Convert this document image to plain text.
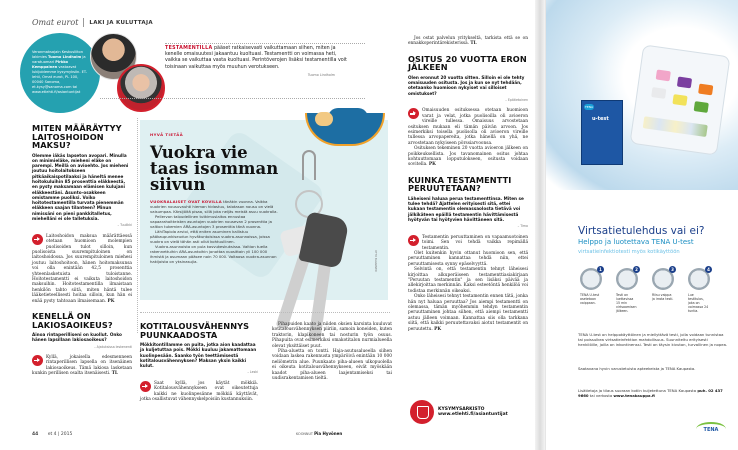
Omat eurot LAKI JA KULUTTAJA
Veronmaksajain Keskusliiton lakimies Tuomo Lindholm ja varatuomari Pirkko Kemppainen vastaavat lukijoidemme kysymyksiin. ET-lehti, Omat eurot, PL 100, 00040 Sanoma, et.kysy@sanoma.com tai www.etlehti.fi/asiantuntijat
TESTAMENTILLA pääset ratkaisevasti vaikuttamaan siihen, miten ja kenelle omaisuutesi jakaantuu kuoltuasi. Testamentti on voimassa heti, vaikka se vaikuttaa vasta kuoltuasi. Perintöverojen lisäksi testamentilla voit toisinaan vaikuttaa myös muuhun verotukseen.
Tuomo Lindholm
MITEN MÄÄRÄYTYY LAITOSHOIDON MAKSU?
Olemme iäkäs lapseton avopari. Minulla on minimieläke, mieheni eläke on parempi. Meillä on avioehto. Jos mieheni joutuu hoitolaitokseen pitkäaikaispotilaaksi ja häneltä menee hoitokuluihin 85 prosenttia eläkkeestä, en pysty maksamaan elämisen kulujani eläkkeestäni. Asunto-osakkeen omistamme puoliksi. Voiko hoitotestamentilla turvata pienemmän eläkkeen saajan tilanteen? Minun nimissäni on pieni pankkitalletus, miehelläni ei ole talletuksia.
– Tuulikki
Laitoshoidon maksua määrättäessä otetaan huomioon molempien puolisoiden tulot silloin, kun puolisoista suurempituloinen on laitoshoidossa. Jos suurempituloinen miehesi joutuu laitoshoitoon, hänen hoitomaksunsa voi olla enintään 42,5 prosenttia yhteenlasketuista tuloistanne. Hoitotestamentti ei vaikuta laitoshoidon maksuihin. Hoitotestamentilla ilmaistaan henkilön tahto siitä, miten häntä tulee lääketieteellisesti hoitaa silloin, kun hän ei enää pysty tahtoaan ilmaisemaan. PK
KENELLÄ ON LAKIOSAOIKEUS?
Ainoa rintaperilliseni on kuollut. Onko hänen lapsillaan lakiosaoikeus?
– Ajatuksissa leskenenti
Kyllä, jokaisella edesmenneen rintaperillisen lapsella on itsenäinen lakiosaoikeus. Tämä lakiosa lasketaan kunkin perillisen osalta itsenäisesti. TL
HYVÄ TIETÄÄ
Vuokra vie taas isomman siivun
VUOKRALAISET OVAT KOVILLA tänäkin vuonna. Vaikka vuokrien nousuvauhti hieman hidastuu, talotason nousu on vielä vaisumpaa. Kärsijöitä pisaa, sillä joka neljäs meistä asuu vuokralla.

Pellervon taloudellinen tutkimuslaitos ennustaa vapaarahoitteisten asuntojen vuokrien nousevan 2 prosenttia ja valtion tukemien ARA-asuntojen 3 prosenttia tänä vuonna.

LähiTapiola arvioi, että eniten asuminen kallistuu pääkaupunkiseudun hyväkuntoisissa vuokra-asunnoissa, joissa vuokra on vielä tähän asti ollut kohtuullinen.

Vuokra-asunnoista on pula kasvukeskuksissa. Valtion tuella rakennettuihin ARA-asuntoihin jonottaa vuosittain yli 100 000 ihmistä ja asumaan pääsee noin 70 000. Valtaosa vuokra-asunnon hakijoista on yksinasujia.	OTTO PAANANEN
KOTITALOUSVÄHENNYS PUUNKAADOSTA
Mökkitontillamme on puita, jotka aion kaadattaa ja kuljetuttaa pois. Mökki kuuluu jakamattomaan kuolinpesään. Saanko työn teettämisestä kotitalousvähennyksen? Maksan yksin kaikki kulut.
– Leski
Saat kyllä, jos käytät mökkiä. Kotitalousvähennykseen ovat oikeutettuja kaikki ne kuolinpesänne mökkiä käyttävät, jotka osallistuvat vähennyskelpoisiin kustannuksiin.

Pihapuiden kaato ja niiden oksien karsinta kuuluvat kotitalousvähennyksen piiriin, samoin koneiden, kuten traktorin, klapikoneen tai nosturin työn osuus. Pihapuita ovat esimerkiksi omakotitalon nurmialueella olevat yksittäiset puut.

Piha-aluetta on tontti. Haja-asutusalueella siihen voidaan laskea rakennusta ympäröivä enintään 10 000 neliömetrin alue. Puunkaato piha-alueen ulkopuolella ei oikeuta kotitalousvähennykseen, eivät myöskään kaadot piha-alueen laajentamiseksi tai uudisrakentamisen tieltä.

KOONNUT Pia Hyvönen

Jos ostat palvelun yritykseltä, tarkista että se on ennakkoperintärekisterissä. TL

OSITUS 20 VUOTTA ERON JÄLKEEN
Olen eronnut 20 vuotta sitten. Silloin ei ole tehty omaisuuden ositusta. Jos ja kun se nyt tehdään, otetaanko huomioon nykyiset vai silloiset omistukset?
– Epätietoinen
Omaisuuden osituksessa otetaan huomioon varat ja velat, jotka puolisoilla oli avioeron vireille tullessa. Omaisuus arvostetaan osituksen mukaan eli tämän päivän arvoon. Jos esimerkiksi toisella puolisolla oli avioeron vireille tullessa arvopapereita, jotka hänellä on yhä, ne arvostetaan nykyiseen pörssiarvoonsa.

Osituksen tekeminen 20 vuotta avioeron jälkeen on poikkeuksellista. Jos tavanomainen ositus johtaa kohtuuttomaan lopputulokseen, ositusta voidaan sovitella. PK

KUINKA TESTAMENTTI PERUUTETAAN?
Läheiseni haluaa perua testamenttinsa. Miten se tulee tehdä? Ajattelen erityisesti sitä, ettei kukaan testamentin olemassaolosta tietävä voi jälkikäteen epäillä testamentin hävittämisestä hyötyvän tai hyötyvien hävittäneen sitä.
– Timo
Testamentin peruuttaminen on vapaamuotoinen toimi. Sen voi tehdä vaikka repimällä testamentin.

Olet kuitenkin hyvin ottanut huomioon sen, että peruuttaminen kannattaa tehdä niin, ettei peruuttamisesta synny epäselvyyttä.

Selvintä on, että testamentin tehnyt läheisesi kirjoittaa alkuperäiseen testamenttiasiakirjaan "Peruutan testamentin" ja sen lisäksi päivää ja allekirjoittaa merkinnän. Kaksi esteetöntä henkilöä voi todistaa merkinnän oikeaksi.

Onko läheisesi tehnyt testamentin ennen tätä, jonka hän nyt haluaa peruuttaa? Jos aiempi testamentti on olemassa, tämän myöhemmin tehdyn testamentin peruuttaminen johtaa siihen, että aiempi testamentti astuu jälleen voimaan. Kannattaa siis olla tarkkana siitä, että kaikki peruutettavaksi aiotut testamentit on peruutettu. PK

KYSYMYSARKISTO
www.etlehti.fi/asiantuntijat
44 et 4 | 2015
TENA
u-test
Virtsatietulehdus vai ei?
Helppo ja luotettava TENA U-test
virtsatieinfektiotesti myös kotikäyttöön
1
TENA U-test asetetaan vaippaan.
2
Testi on luettavissa 15 min virtsaamisen jälkeen.
3
Riisu vaippa ja irrota testi.
4
Lue testitulos, joka on voimassa 24 tuntia.
TENA U-test on helppokäyttöinen ja miellyttävä testi, jolla voidaan tunnistaa tai poissulkea virtsatieinfektion mahdollisuus. Suunniteltu erityisesti henkilöille, joilla on inkontinenssi. Testi on täysin kivuton, turvallinen ja nopea.
Saatavana hyvin varustetuista apteekeista ja TENA Kaupasta.
Lisätietoja ja tilaus suoraan kotiin kuljetettuna TENA Kaupasta puh. 02 437 9660 tai verkosta www.tenakauppa.fi
TENA
